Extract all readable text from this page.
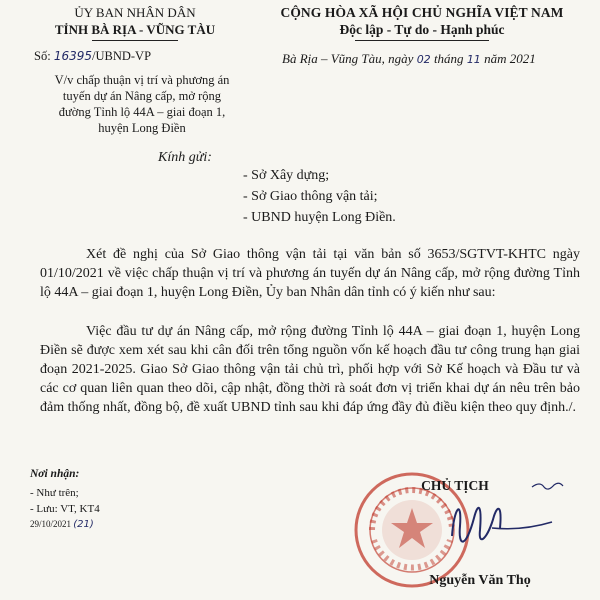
ỦY BAN NHÂN DÂN
TỈNH BÀ RỊA - VŨNG TÀU
CỘNG HÒA XÃ HỘI CHỦ NGHĨA VIỆT NAM
Độc lập - Tự do - Hạnh phúc
Số: 16395/UBND-VP	Bà Rịa – Vũng Tàu, ngày 02 tháng 11 năm 2021
V/v chấp thuận vị trí và phương án
tuyến dự án Nâng cấp, mở rộng
đường Tỉnh lộ 44A – giai đoạn 1,
huyện Long Điền
Kính gửi:
- Sở Xây dựng;
- Sở Giao thông vận tải;
- UBND huyện Long Điền.
Xét đề nghị của Sở Giao thông vận tải tại văn bản số 3653/SGTVT-KHTC ngày 01/10/2021 về việc chấp thuận vị trí và phương án tuyến dự án Nâng cấp, mở rộng đường Tỉnh lộ 44A – giai đoạn 1, huyện Long Điền, Ủy ban Nhân dân tỉnh có ý kiến như sau:
Việc đầu tư dự án Nâng cấp, mở rộng đường Tỉnh lộ 44A – giai đoạn 1, huyện Long Điền sẽ được xem xét sau khi cân đối trên tổng nguồn vốn kế hoạch đầu tư công trung hạn giai đoạn 2021-2025. Giao Sở Giao thông vận tải chủ trì, phối hợp với Sở Kế hoạch và Đầu tư và các cơ quan liên quan theo dõi, cập nhật, đồng thời rà soát đơn vị triển khai dự án nêu trên bảo đảm thống nhất, đồng bộ, đề xuất UBND tỉnh sau khi đáp ứng đầy đủ điều kiện theo quy định./.
Nơi nhận:
- Như trên;
- Lưu: VT, KT4
29/10/2021 (21)
CHỦ TỊCH
Nguyễn Văn Thọ
